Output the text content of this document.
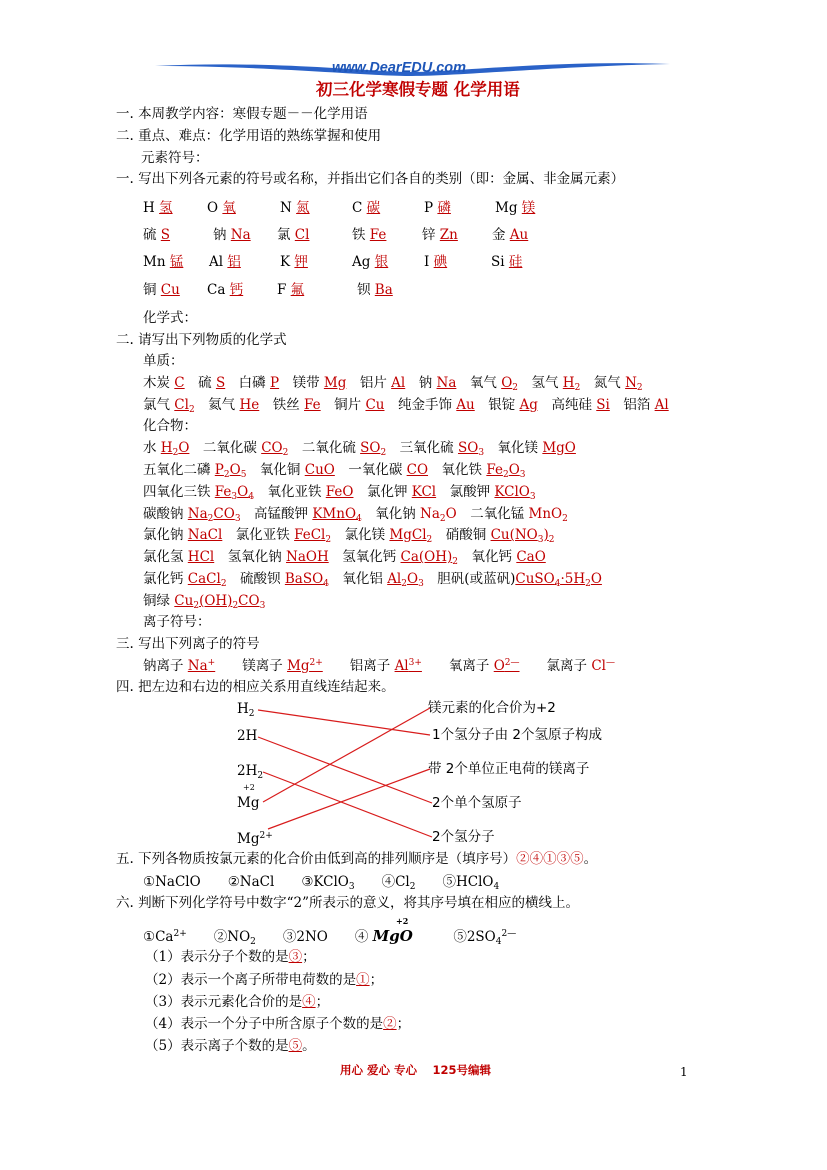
www.DearEDU.com
初三化学寒假专题 化学用语
一. 本周教学内容：寒假专题－－化学用语
二. 重点、难点：化学用语的熟练掌握和使用
元素符号：
一. 写出下列各元素的符号或名称，并指出它们各自的类别（即：金属、非金属元素）
H 氢	O 氧	N 氮	C 碳	P 磷	Mg 镁
硫 S	钠 Na 氯 Cl	铁 Fe	锌 Zn	金 Au
Mn 锰 Al 铝	K 钾	Ag 银	I 碘	Si 硅
铜 Cu Ca 钙	F 氟	钡 Ba
化学式：
二. 请写出下列物质的化学式
单质：
木炭 C　硫 S　白磷 P　镁带 Mg　铝片 Al　钠 Na　氧气 $O_2$　氢气 $H_2$　氮气 $N_2$
氯气 $Cl_2$　氦气 He　铁丝 Fe　铜片 Cu　纯金手饰 Au　银锭 Ag　高纯硅 Si　铝箔 Al
化合物：
水 $H_2O$　二氧化碳 $CO_2$　二氧化硫 $SO_2$　三氧化硫 $SO_3$　氧化镁 MgO
五氧化二磷 $P_2O_5$　氧化铜 CuO　一氧化碳 CO　氧化铁 $Fe_2O_3$
四氧化三铁 $Fe_3O_4$　氧化亚铁 FeO　氯化钾 KCl　氯酸钾 KClO$_3$
碳酸钠 $Na_2CO_3$　高锰酸钾 KMnO$_4$　氧化钠 $Na_2O$　二氧化锰 MnO$_2$
氯化钠 NaCl　氯化亚铁 FeCl$_2$　氯化镁 MgCl$_2$　硝酸铜 $Cu(NO_3)_2$
氯化氢 HCl　氢氧化钠 NaOH　氢氧化钙 $Ca(OH)_2$　氧化钙 CaO
氯化钙 CaCl$_2$　硫酸钡 BaSO$_4$　氧化铝 $Al_2O_3$　胆矾(或蓝矾)$CuSO_4\cdot 5H_2O$
铜绿 $Cu_2(OH)_2CO_3$
离子符号：
三. 写出下列离子的符号
钠离子 Na+　　镁离子 $Mg^{2+}$　　铝离子 $Al^{3+}$　　氧离子 $O^{2—}$　　氯离子 Cl—
四. 把左边和右边的相应关系用直线连结起来。
$H_2$
2H
$2H_2$
+2
Mg
$Mg^{2+}$
镁元素的化合价为+2
1个氢分子由 2个氢原子构成
带 2个单位正电荷的镁离子
2个单个氢原子
2个氢分子
五. 下列各物质按氯元素的化合价由低到高的排列顺序是（填序号）②④①③⑤。
①NaClO　　 ②NaCl　　 ③KClO$_3$　　 $④Cl_2$　　 ⑤HClO$_4$
六. 判断下列化学符号中数字“2”所表示的意义，将其序号填在相应的横线上。
+2
$①Ca^{2+}$　　 $②NO_2$　　 ③2NO　　 ④ MgO　　　	$⑤2SO_4^{2—}$
（1）表示分子个数的是③；
（2）表示一个离子所带电荷数的是①；
（3）表示元素化合价的是④；
（4）表示一个分子中所含原子个数的是②；
（5）表示离子个数的是⑤。
用心 爱心 专心　 125号编辑	1
